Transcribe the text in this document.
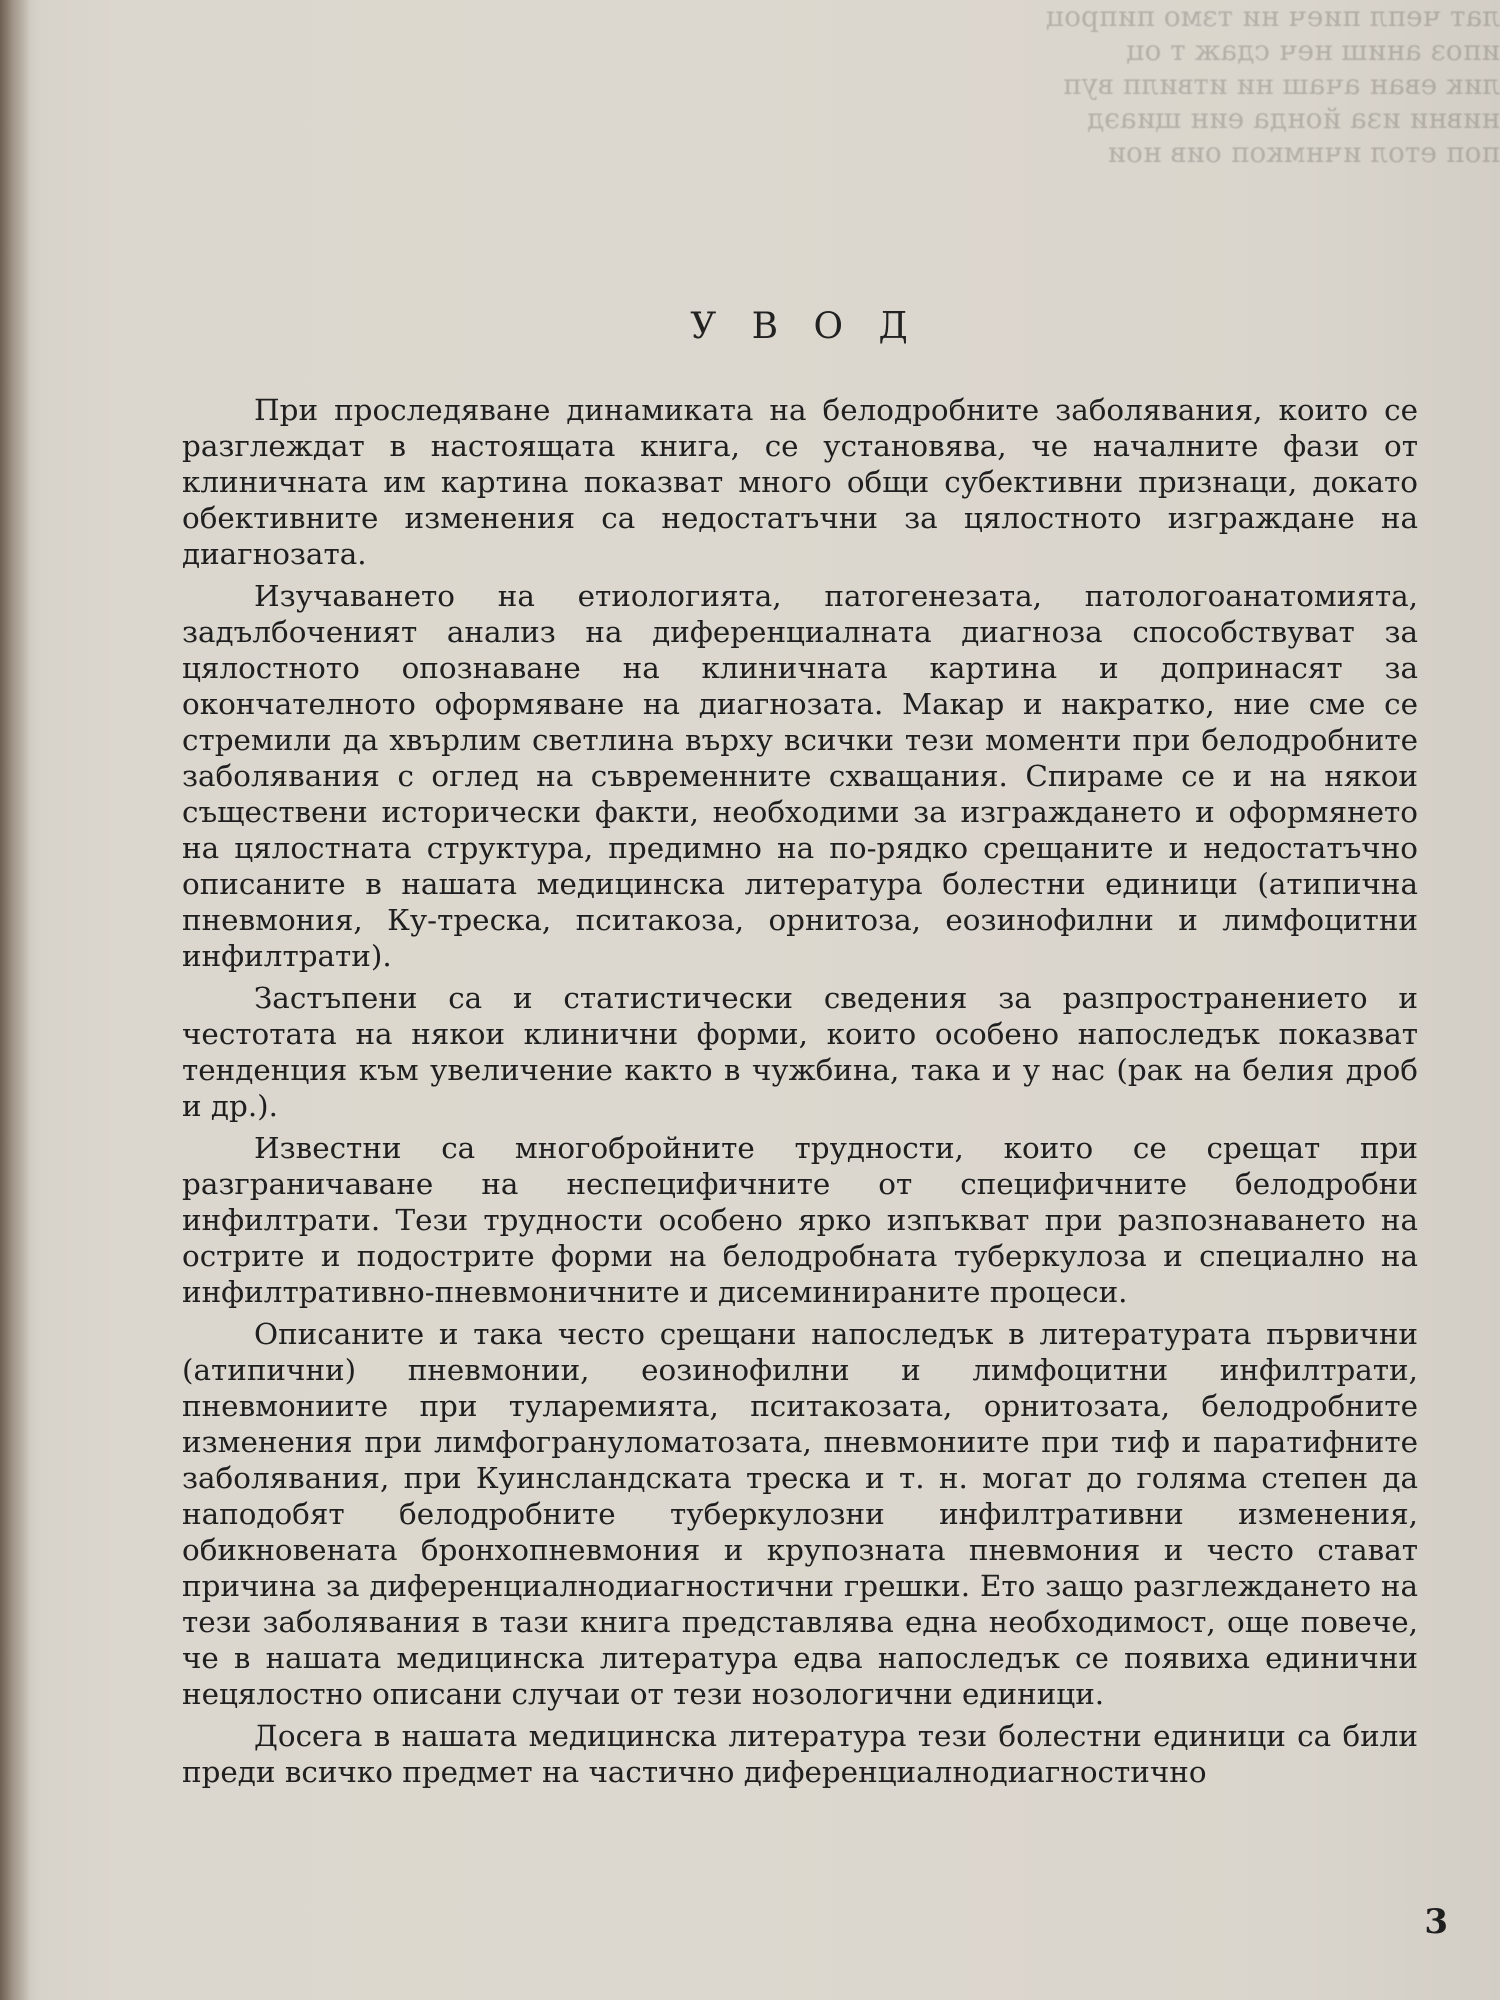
лат чепл пиеч ни тзмо пипроц
ипоз аниш неч сдаж т оц
лик еван ачаш ни итвилп вуп
нивни иза йонда еин щиаэд
поп етол ичнмкоп оив нои
У В О Д

При проследяване динамиката на белодробните заболявания, които се разглеждат в настоящата книга, се установява, че началните фази от клиничната им картина показват много общи субективни признаци, докато обективните изменения са недостатъчни за цялостното изграждане на диагнозата.

Изучаването на етиологията, патогенезата, патологоанатомията, задълбоченият анализ на диференциалната диагноза способствуват за цялостното опознаване на клиничната картина и допринасят за окончателното оформяване на диагнозата. Макар и накратко, ние сме се стремили да хвърлим светлина върху всички тези моменти при белодробните заболявания с оглед на съвременните схващания. Спираме се и на някои съществени исторически факти, необходими за изграждането и оформянето на цялостната структура, предимно на по-рядко срещаните и недостатъчно описаните в нашата медицинска литература болестни единици (атипична пневмония, Ку-треска, пситакоза, орнитоза, еозинофилни и лимфоцитни инфилтрати).

Застъпени са и статистически сведения за разпространението и честотата на някои клинични форми, които особено напоследък показват тенденция към увеличение както в чужбина, така и у нас (рак на белия дроб и др.).

Известни са многобройните трудности, които се срещат при разграничаване на неспецифичните от специфичните белодробни инфилтрати. Тези трудности особено ярко изпъкват при разпознаването на острите и подострите форми на белодробната туберкулоза и специално на инфилтративно-пневмоничните и дисеминираните процеси.

Описаните и така често срещани напоследък в литературата първични (атипични) пневмонии, еозинофилни и лимфоцитни инфилтрати, пневмониите при туларемията, пситакозата, орнитозата, белодробните изменения при лимфогрануломатозата, пневмониите при тиф и паратифните заболявания, при Куинсландската треска и т. н. могат до голяма степен да наподобят белодробните туберкулозни инфилтративни изменения, обикновената бронхопневмония и крупозната пневмония и често стават причина за диференциалнодиагностични грешки. Ето защо разглеждането на тези заболявания в тази книга представлява една необходимост, още повече, че в нашата медицинска литература едва напоследък се появиха единични нецялостно описани случаи от тези нозологични единици.

Досега в нашата медицинска литература тези болестни единици са били преди всичко предмет на частично диференциалнодиагностично

3
